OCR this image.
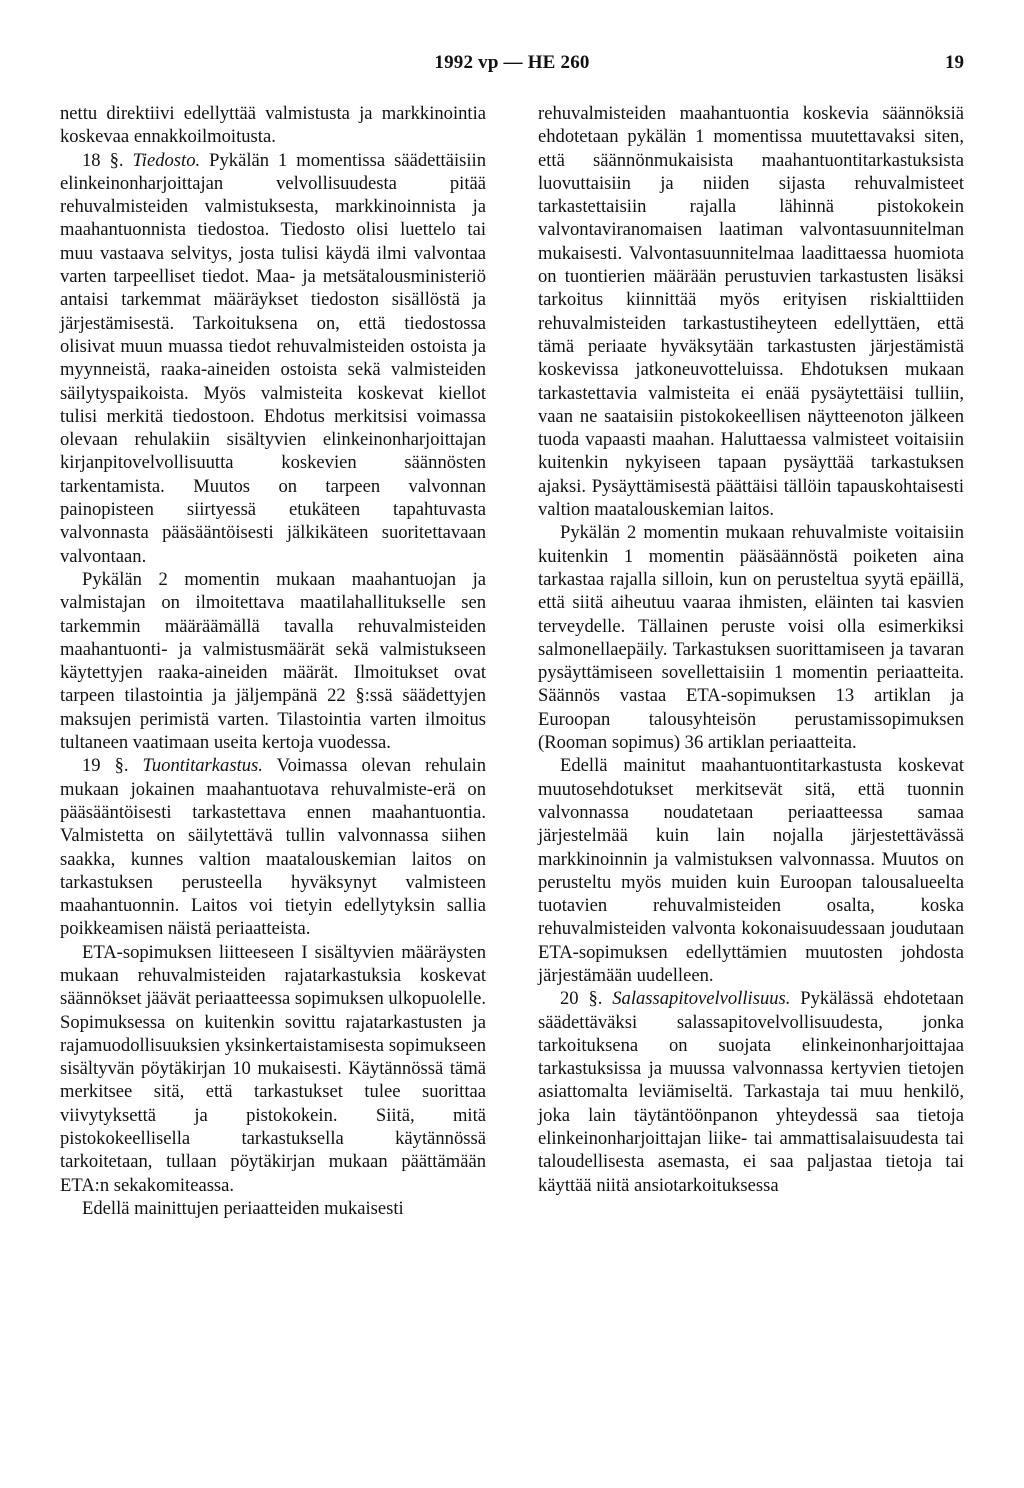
1992 vp — HE 260	19

nettu direktiivi edellyttää valmistusta ja markkinointia koskevaa ennakkoilmoitusta.

18 §. Tiedosto. Pykälän 1 momentissa säädettäisiin elinkeinonharjoittajan velvollisuudesta pitää rehuvalmisteiden valmistuksesta, markkinoinnista ja maahantuonnista tiedostoa. Tiedosto olisi luettelo tai muu vastaava selvitys, josta tulisi käydä ilmi valvontaa varten tarpeelliset tiedot. Maa- ja metsätalousministeriö antaisi tarkemmat määräykset tiedoston sisällöstä ja järjestämisestä. Tarkoituksena on, että tiedostossa olisivat muun muassa tiedot rehuvalmisteiden ostoista ja myynneistä, raaka-aineiden ostoista sekä valmisteiden säilytyspaikoista. Myös valmisteita koskevat kiellot tulisi merkitä tiedostoon. Ehdotus merkitsisi voimassa olevaan rehulakiin sisältyvien elinkeinonharjoittajan kirjanpitovelvollisuutta koskevien säännösten tarkentamista. Muutos on tarpeen valvonnan painopisteen siirtyessä etukäteen tapahtuvasta valvonnasta pääsääntöisesti jälkikäteen suoritettavaan valvontaan.

Pykälän 2 momentin mukaan maahantuojan ja valmistajan on ilmoitettava maatilahallitukselle sen tarkemmin määräämällä tavalla rehuvalmisteiden maahantuonti- ja valmistusmäärät sekä valmistukseen käytettyjen raaka-aineiden määrät. Ilmoitukset ovat tarpeen tilastointia ja jäljempänä 22 §:ssä säädettyjen maksujen perimistä varten. Tilastointia varten ilmoitus tultaneen vaatimaan useita kertoja vuodessa.

19 §. Tuontitarkastus. Voimassa olevan rehulain mukaan jokainen maahantuotava rehuvalmiste-erä on pääsääntöisesti tarkastettava ennen maahantuontia. Valmistetta on säilytettävä tullin valvonnassa siihen saakka, kunnes valtion maatalouskemian laitos on tarkastuksen perusteella hyväksynyt valmisteen maahantuonnin. Laitos voi tietyin edellytyksin sallia poikkeamisen näistä periaatteista.

ETA-sopimuksen liitteeseen I sisältyvien määräysten mukaan rehuvalmisteiden rajatarkastuksia koskevat säännökset jäävät periaatteessa sopimuksen ulkopuolelle. Sopimuksessa on kuitenkin sovittu rajatarkastusten ja rajamuodollisuuksien yksinkertaistamisesta sopimukseen sisältyvän pöytäkirjan 10 mukaisesti. Käytännössä tämä merkitsee sitä, että tarkastukset tulee suorittaa viivytyksettä ja pistokokein. Siitä, mitä pistokokeellisella tarkastuksella käytännössä tarkoitetaan, tullaan pöytäkirjan mukaan päättämään ETA:n sekakomiteassa.

Edellä mainittujen periaatteiden mukaisesti

rehuvalmisteiden maahantuontia koskevia säännöksiä ehdotetaan pykälän 1 momentissa muutettavaksi siten, että säännönmukaisista maahantuontitarkastuksista luovuttaisiin ja niiden sijasta rehuvalmisteet tarkastettaisiin rajalla lähinnä pistokokein valvontaviranomaisen laatiman valvontasuunnitelman mukaisesti. Valvontasuunnitelmaa laadittaessa huomiota on tuontierien määrään perustuvien tarkastusten lisäksi tarkoitus kiinnittää myös erityisen riskialttiiden rehuvalmisteiden tarkastustiheyteen edellyttäen, että tämä periaate hyväksytään tarkastusten järjestämistä koskevissa jatkoneuvotteluissa. Ehdotuksen mukaan tarkastettavia valmisteita ei enää pysäytettäisi tulliin, vaan ne saataisiin pistokokeellisen näytteenoton jälkeen tuoda vapaasti maahan. Haluttaessa valmisteet voitaisiin kuitenkin nykyiseen tapaan pysäyttää tarkastuksen ajaksi. Pysäyttämisestä päättäisi tällöin tapauskohtaisesti valtion maatalouskemian laitos.

Pykälän 2 momentin mukaan rehuvalmiste voitaisiin kuitenkin 1 momentin pääsäännöstä poiketen aina tarkastaa rajalla silloin, kun on perusteltua syytä epäillä, että siitä aiheutuu vaaraa ihmisten, eläinten tai kasvien terveydelle. Tällainen peruste voisi olla esimerkiksi salmonellaepäily. Tarkastuksen suorittamiseen ja tavaran pysäyttämiseen sovellettaisiin 1 momentin periaatteita. Säännös vastaa ETA-sopimuksen 13 artiklan ja Euroopan talousyhteisön perustamissopimuksen (Rooman sopimus) 36 artiklan periaatteita.

Edellä mainitut maahantuontitarkastusta koskevat muutosehdotukset merkitsevät sitä, että tuonnin valvonnassa noudatetaan periaatteessa samaa järjestelmää kuin lain nojalla järjestettävässä markkinoinnin ja valmistuksen valvonnassa. Muutos on perusteltu myös muiden kuin Euroopan talousalueelta tuotavien rehuvalmisteiden osalta, koska rehuvalmisteiden valvonta kokonaisuudessaan joudutaan ETA-sopimuksen edellyttämien muutosten johdosta järjestämään uudelleen.

20 §. Salassapitovelvollisuus. Pykälässä ehdotetaan säädettäväksi salassapitovelvollisuudesta, jonka tarkoituksena on suojata elinkeinonharjoittajaa tarkastuksissa ja muussa valvonnassa kertyvien tietojen asiattomalta leviämiseltä. Tarkastaja tai muu henkilö, joka lain täytäntöönpanon yhteydessä saa tietoja elinkeinonharjoittajan liike- tai ammattisalaisuudesta tai taloudellisesta asemasta, ei saa paljastaa tietoja tai käyttää niitä ansiotarkoituksessa
